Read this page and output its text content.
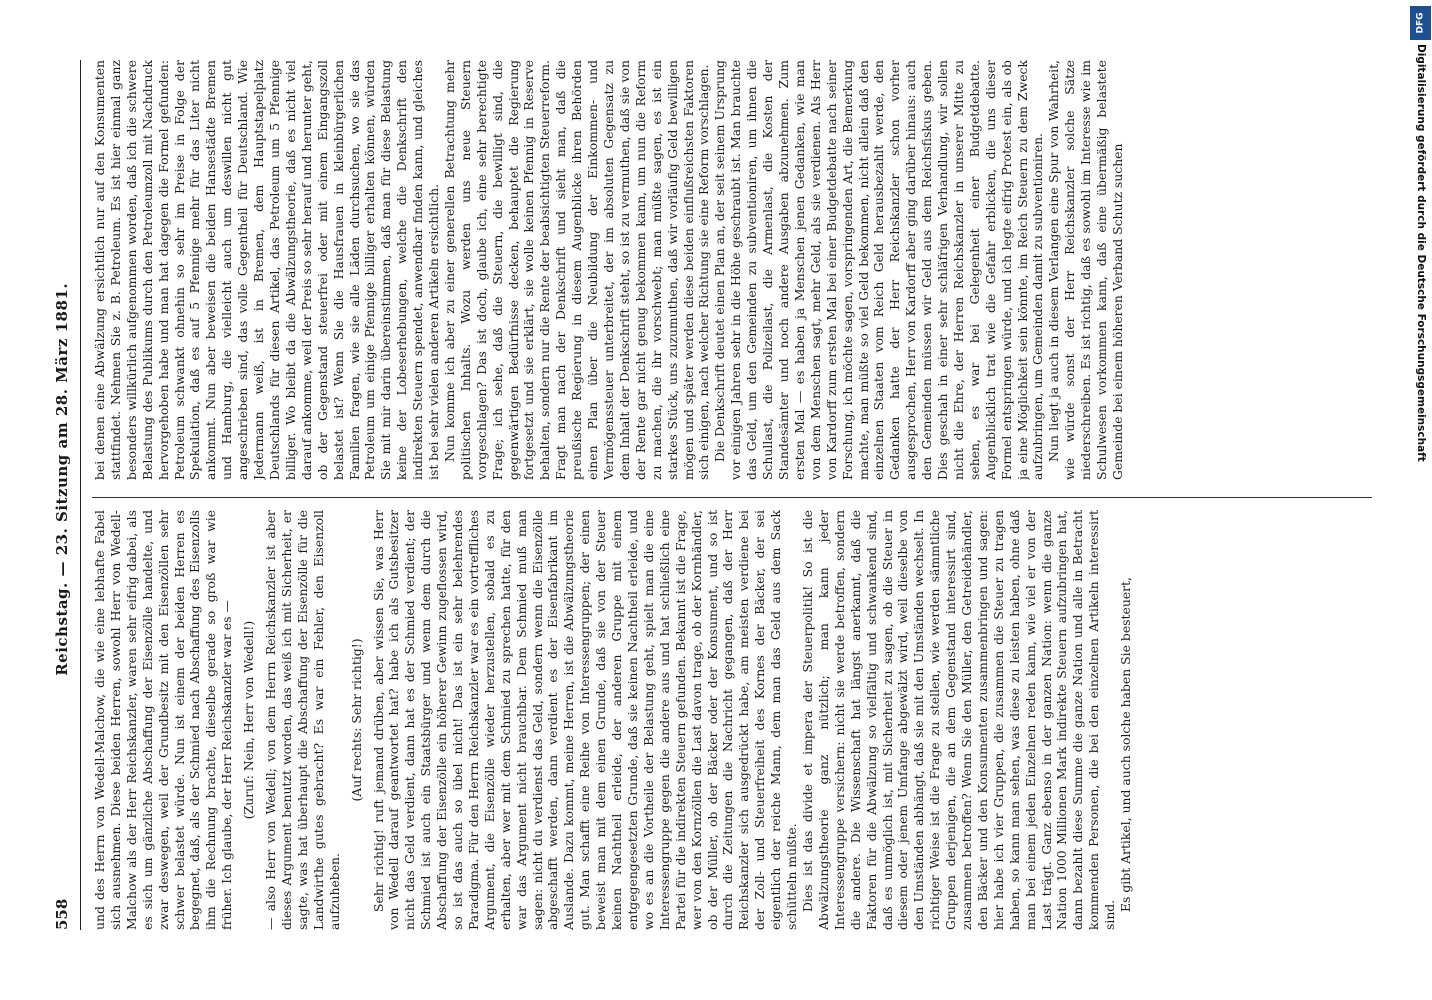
558
Reichstag. — 23. Sitzung am 28. März 1881.

und des Herrn von Wedell-Malchow, die wie eine lebhafte Fabel sich ausnehmen. Diese beiden Herren, sowohl Herr von Wedell-Malchow als der Herr Reichskanzler, waren sehr eifrig dabei, als es sich um gänzliche Abschaffung der Eisenzölle handelte, und zwar deswegen, weil der Grundbesitz mit den Eisenzöllen sehr schwer belastet würde. Nun ist einem der beiden Herren es begegnet, daß, als der Schmied nach Abschaffung des Eisenzolls ihm die Rechnung brachte, dieselbe gerade so groß war wie früher. Ich glaube, der Herr Reichskanzler war es — (Zuruf: Nein, Herr von Wedell!) — also Herr von Wedell; von dem Herrn Reichskanzler ist aber dieses Argument benutzt worden, das weiß ich mit Sicherheit, er sagte, was hat überhaupt die Abschaffung der Eisenzölle für die Landwirthe gutes gebracht? Es war ein Fehler, den Eisenzoll aufzuheben.

(Auf rechts: Sehr richtig!) Sehr richtig! ruft jemand drüben, aber wissen Sie, was Herr von Wedell darauf geantwortet hat? habe ich als Gutsbesitzer nicht das Geld verdient, dann hat es der Schmied verdient; der Schmied ist auch ein Staatsbürger und wenn dem durch die Abschaffung der Eisenzölle ein höherer Gewinn zugeflossen wird, so ist das auch so übel nicht! Das ist ein sehr belehrendes Paradigma. Für den Herrn Reichskanzler war es ein vortreffliches Argument, die Eisenzölle wieder herzustellen, sobald es zu erhalten, aber wer mit dem Schmied zu sprechen hatte, für den war das Argument nicht brauchbar. Dem Schmied muß man sagen: nicht du verdienst das Geld, sondern wenn die Eisenzölle abgeschafft werden, dann verdient es der Eisenfabrikant im Auslande. Dazu kommt, meine Herren, ist die Abwälzungstheorie gut. Man schafft eine Reihe von Interessengruppen; der einen beweist man mit dem einen Grunde, daß sie von der Steuer keinen Nachtheil erleide, der anderen Gruppe mit einem entgegengesetzten Grunde, daß sie keinen Nachtheil erleide, und wo es an die Vortheile der Belastung geht, spielt man die eine Interessengruppe gegen die andere aus und hat schließlich eine Partei für die indirekten Steuern gefunden. Bekannt ist die Frage, wer von den Kornzöllen die Last davon trage, ob der Kornhändler, ob der Müller, ob der Bäcker oder der Konsument, und so ist durch die Zeitungen die Nachricht gegangen, daß der Herr Reichskanzler sich ausgedrückt habe, am meisten verdiene bei der Zoll- und Steuerfreiheit des Kornes der Bäcker, der sei eigentlich der reiche Mann, dem man das Geld aus dem Sack schütteln müßte. Dies ist das divide et impera der Steuerpolitik! So ist die Abwälzungstheorie ganz nützlich; man kann jeder Interessengruppe versichern: nicht sie werde betroffen, sondern die andere. Die Wissenschaft hat längst anerkannt, daß die Faktoren für die Abwälzung so vielfältig und schwankend sind, daß es unmöglich ist, mit Sicherheit zu sagen, ob die Steuer in diesem oder jenem Umfange abgewälzt wird, weil dieselbe von den Umständen abhängt, daß sie mit den Umständen wechselt. In richtiger Weise ist die Frage zu stellen, wie werden sämmtliche Gruppen derjenigen, die an dem Gegenstand interessirt sind, zusammen betroffen? Wenn Sie den Müller, den Getreidehändler, den Bäcker und den Konsumenten zusammenbringen und sagen: hier habe ich vier Gruppen, die zusammen die Steuer zu tragen haben, so kann man sehen, was diese zu leisten haben, ohne daß man bei einem jeden Einzelnen reden kann, wie viel er von der Last trägt. Ganz ebenso in der ganzen Nation: wenn die ganze Nation 1000 Millionen Mark indirekte Steuern aufzubringen hat, dann bezahlt diese Summe die ganze Nation und alle in Betracht kommenden Personen, die bei den einzelnen Artikeln interessirt sind.

Es gibt Artikel, und auch solche haben Sie besteuert,

bei denen eine Abwälzung ersichtlich nur auf den Konsumenten stattfindet. Nehmen Sie z. B. Petroleum. Es ist hier einmal ganz besonders willkürlich aufgenommen worden, daß ich die schwere Belastung des Publikums durch den Petroleumzoll mit Nachdruck hervorgehoben habe und man hat dagegen die Formel gefunden: Petroleum schwankt ohnehin so sehr im Preise in Folge der Spekulation, daß es auf 5 Pfennige mehr für das Liter nicht ankommt. Nun aber beweisen die beiden Hansestädte Bremen und Hamburg, die vielleicht auch um deswillen nicht gut angeschrieben sind, das volle Gegentheil für Deutschland. Wie Jedermann weiß, ist in Bremen, dem Hauptstapelplatz Deutschlands für diesen Artikel, das Petroleum um 5 Pfennige billiger. Wo bleibt da die Abwälzungstheorie, daß es nicht viel darauf ankomme, weil der Preis so sehr herauf und herunter geht, ob der Gegenstand steuerfrei oder mit einem Eingangszoll belastet ist? Wenn Sie die Hausfrauen in kleinbürgerlichen Familien fragen, wie sie alle Läden durchsuchen, wo sie das Petroleum um einige Pfennige billiger erhalten können, würden Sie mit mir darin übereinstimmen, daß man für diese Belastung keine der Lobeserhebungen, welche die Denkschrift den indirekten Steuern spendet, anwendbar finden kann, und gleiches ist bei sehr vielen anderen Artikeln ersichtlich. Nun komme ich aber zu einer generellen Betrachtung mehr politischen Inhalts. Wozu werden uns neue Steuern vorgeschlagen? Das ist doch, glaube ich, eine sehr berechtigte Frage; ich sehe, daß die Steuern, die bewilligt sind, die gegenwärtigen Bedürfnisse decken, behauptet die Regierung fortgesetzt und sie erklärt, sie wolle keinen Pfennig in Reserve behalten, sondern nur die Rente der beabsichtigten Steuerreform. Fragt man nach der Denkschrift und sieht man, daß die preußische Regierung in diesem Augenblicke ihren Behörden einen Plan über die Neubildung der Einkommen- und Vermögenssteuer unterbreitet, der im absoluten Gegensatz zu dem Inhalt der Denkschrift steht, so ist zu vermuthen, daß sie von der Rente gar nicht genug bekommen kann, um nun die Reform zu machen, die ihr vorschwebt; man müßte sagen, es ist ein starkes Stück, uns zuzumuthen, daß wir vorläufig Geld bewilligen mögen und später werden diese beiden einflußreichsten Faktoren sich einigen, nach welcher Richtung sie eine Reform vorschlagen. Die Denkschrift deutet einen Plan an, der seit seinem Ursprung vor einigen Jahren sehr in die Höhe geschraubt ist. Man brauchte das Geld, um den Gemeinden zu subventioniren, um ihnen die Schullast, die Polizeilast, die Armenlast, die Kosten der Standesämter und noch andere Ausgaben abzunehmen. Zum ersten Mal — es haben ja Menschen jenen Gedanken, wie man von dem Menschen sagt, mehr Geld, als sie verdienen. Als Herr von Kardorff zum ersten Mal bei einer Budgetdebatte nach seiner Forschung, ich möchte sagen, vorspringenden Art, die Bemerkung machte, man müßte so viel Geld bekommen, nicht allein daß den einzelnen Staaten vom Reich Geld herausbezahlt werde, den Gedanken hatte der Herr Reichskanzler schon vorher ausgesprochen, Herr von Kardorff aber ging darüber hinaus: auch den Gemeinden müssen wir Geld aus dem Reichsfiskus geben. Dies geschah in einer sehr schläfrigen Verhandlung, wir sollen nicht die Ehre, der Herren Reichskanzler in unserer Mitte zu sehen, es war bei Gelegenheit einer Budgetdebatte. Augenblicklich trat wie die Gefahr erblicken, die uns dieser Formel entspringen würde, und ich legte eifrig Protest ein, als ob ja eine Möglichkeit sein könnte, im Reich Steuern zu dem Zweck aufzubringen, um Gemeinden damit zu subventioniren. Nun liegt ja auch in diesem Verlangen eine Spur von Wahrheit, wie würde sonst der Herr Reichskanzler solche Sätze niederschreiben. Es ist richtig, daß es sowohl im Interesse wie im Schulwesen vorkommen kann, daß eine übermäßig belastete Gemeinde bei einem höheren Verband Schutz suchen

DFG
Digitalisierung gefördert durch die Deutsche Forschungsgemeinschaft
